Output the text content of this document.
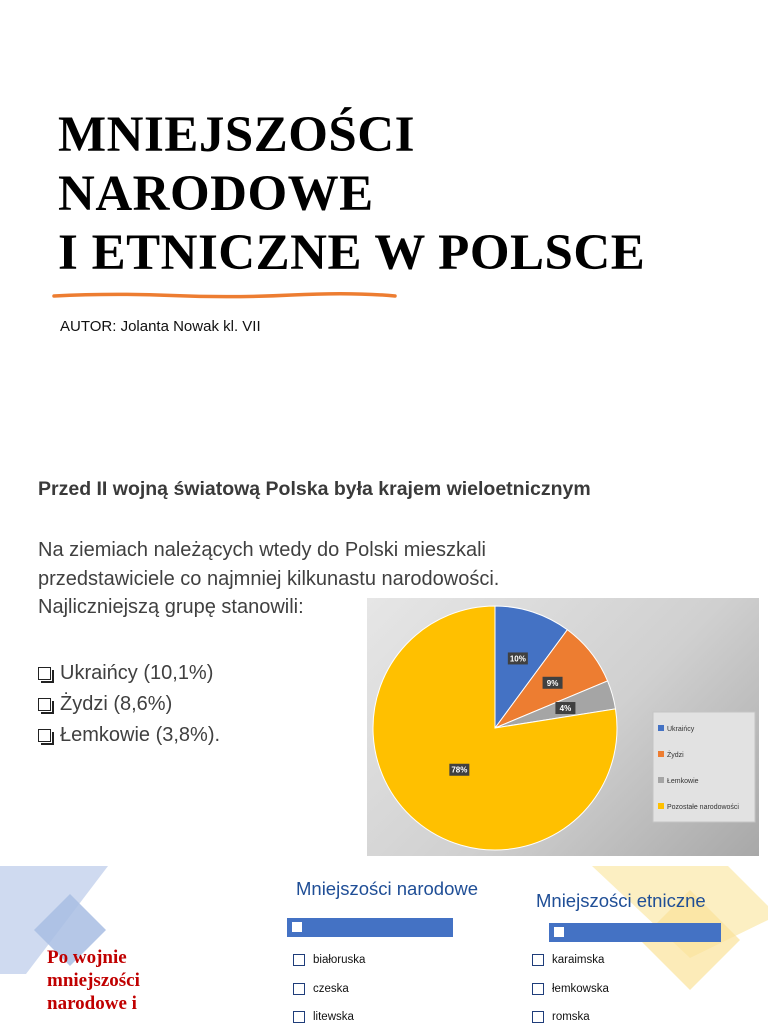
MNIEJSZOŚCI
NARODOWE
I ETNICZNE W POLSCE
AUTOR: Jolanta Nowak kl. VII
Przed II wojną światową Polska była krajem wieloetnicznym
Na ziemiach należących wtedy do Polski mieszkali
przedstawiciele co najmniej kilkunastu narodowości.
Najliczniejszą grupę stanowili:
Ukraińcy (10,1%)
Żydzi (8,6%)
Łemkowie (3,8%).
10%
9%
4%
78%
Ukraińcy
Żydzi
Łemkowie
Pozostałe narodowości
Mniejszości narodowe
białoruska
czeska
litewska
Mniejszości etniczne
karaimska
łemkowska
romska
Po wojnie
mniejszości
narodowe i
